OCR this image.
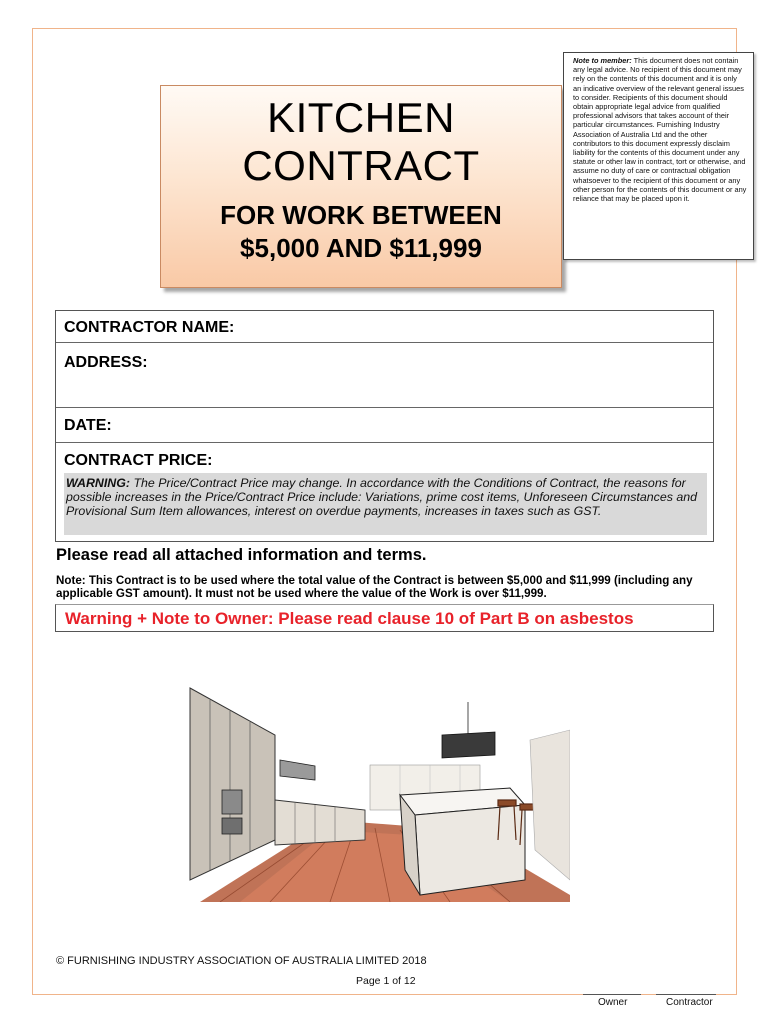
KITCHEN
CONTRACT
FOR WORK BETWEEN
$5,000 AND $11,999
Note to member: This document does not contain any legal advice. No recipient of this document may rely on the contents of this document and it is only an indicative overview of the relevant general issues to consider. Recipients of this document should obtain appropriate legal advice from qualified professional advisors that takes account of their particular circumstances. Furnishing Industry Association of Australia Ltd and the other contributors to this document expressly disclaim liability for the contents of this document under any statute or other law in contract, tort or otherwise, and assume no duty of care or contractual obligation whatsoever to the recipient of this document or any other person for the contents of this document or any reliance that may be placed upon it.
CONTRACTOR NAME:
ADDRESS:
DATE:
CONTRACT PRICE:
WARNING: The Price/Contract Price may change. In accordance with the Conditions of Contract, the reasons for possible increases in the Price/Contract Price include: Variations, prime cost items, Unforeseen Circumstances and Provisional Sum Item allowances, interest on overdue payments, increases in taxes such as GST.
Please read all attached information and terms.
Note: This Contract is to be used where the total value of the Contract is between $5,000 and $11,999 (including any applicable GST amount). It must not be used where the value of the Work is over $11,999.
Warning + Note to Owner: Please read clause 10 of Part B on asbestos
© FURNISHING INDUSTRY ASSOCIATION OF AUSTRALIA LIMITED 2018
Page 1 of 12
Owner	Contractor
